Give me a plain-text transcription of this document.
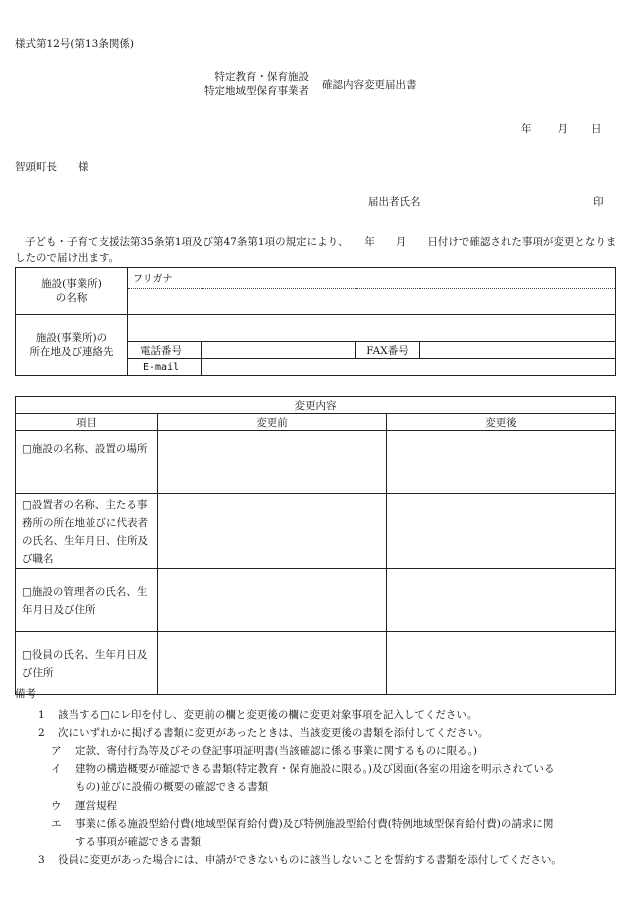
様式第12号(第13条関係)
特定教育・保育施設
特定地域型保育事業者 確認内容変更届出書
年 月 日
智頭町長　　様
届出者氏名	印
子ども・子育て支援法第35条第1項及び第47条第1項の規定により、　　年　　月　　日付けで確認された事項が変更となりましたので届け出ます。
施設(事業所)
の名称	フリガナ			

施設(事業所)の
所在地及び連絡先				

	電話番号		FAX番号	
	E-mail			
変更内容		
項目	変更前	変更後
□施設の名称、設置の場所		
□設置者の名称、主たる事務所の所在地並びに代表者の氏名、生年月日、住所及び職名		
□施設の管理者の氏名、生年月日及び住所		
□役員の氏名、生年月日及び住所		
備考
1 該当する□にレ印を付し、変更前の欄と変更後の欄に変更対象事項を記入してください。
2 次にいずれかに掲げる書類に変更があったときは、当該変更後の書類を添付してください。
ア 定款、寄付行為等及びその登記事項証明書(当該確認に係る事業に関するものに限る。)
イ 建物の構造概要が確認できる書類(特定教育・保育施設に限る。)及び図面(各室の用途を明示されている
もの)並びに設備の概要の確認できる書類
ウ 運営規程
エ 事業に係る施設型給付費(地域型保育給付費)及び特例施設型給付費(特例地域型保育給付費)の請求に関
する事項が確認できる書類
3 役員に変更があった場合には、申請ができないものに該当しないことを誓約する書類を添付してください。
